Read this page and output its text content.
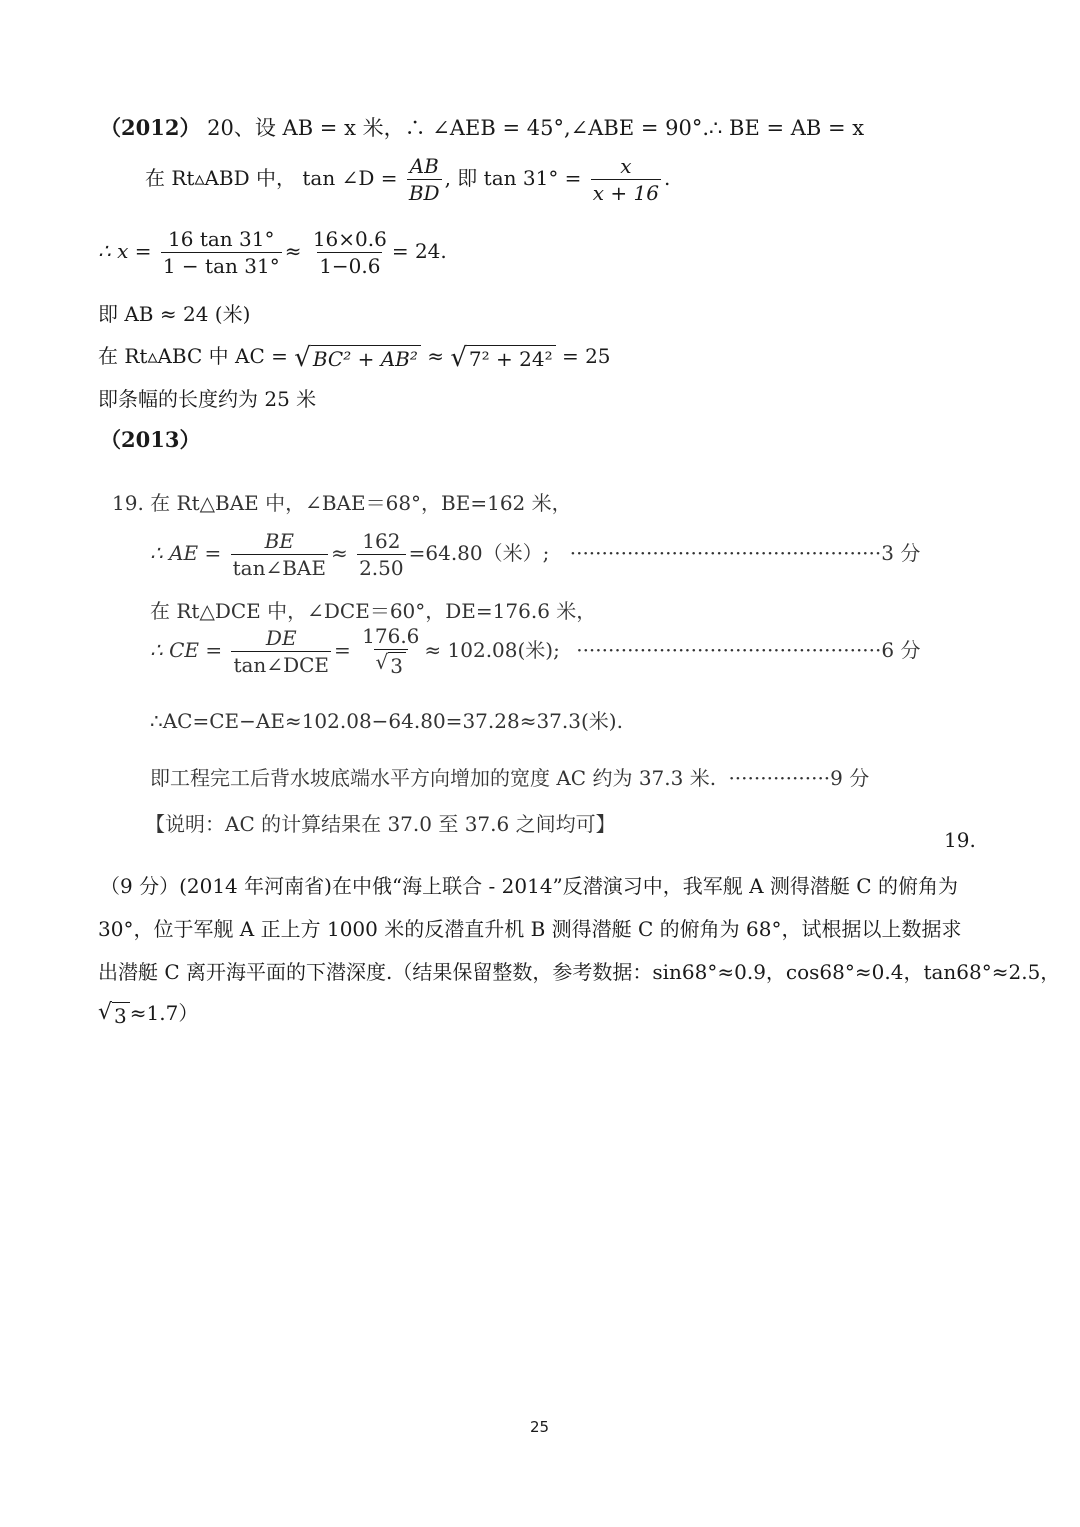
（2012） 20、设 AB = x 米，∴ ∠AEB = 45°,∠ABE = 90°.∴ BE = AB = x
在 Rt▵ABD 中， tan ∠D = $\frac{AB}{BD}$ , 即 $\tan 31^\circ = \frac{x}{x + 16}$ .
∴ $x = \frac{16 \tan 31^\circ}{1 - \tan 31^\circ} \approx \frac{16\times 0.6}{1-0.6} = 24$.
即 AB ≈ 24 (米)
在 Rt▵ABC 中 AC = √ BC² + AB² ≈ √ 7² + 24² = 25
即条幅的长度约为 25 米
（2013）
19. 在 Rt△BAE 中，∠BAE＝68°，BE=162 米，
∴ AE = $\frac{BE}{\text{tan∠BAE}} \approx \frac{162}{2.50} =64.80$（米）; ·················································3 分
在 Rt△DCE 中，∠DCE＝60°，DE=176.6 米，
∴ CE = $\frac{DE}{\text{tan∠DCE}} = \frac{176.6}{√ 3} \approx 102.08$(米); ················································6 分
∴AC=CE−AE≈102.08−64.80=37.28≈37.3(米).
即工程完工后背水坡底端水平方向增加的宽度 AC 约为 37.3 米. ················9 分
【说明：AC 的计算结果在 37.0 至 37.6 之间均可】
19.
（9 分）(2014 年河南省)在中俄“海上联合 - 2014”反潜演习中，我军舰 A 测得潜艇 C 的俯角为
30°，位于军舰 A 正上方 1000 米的反潜直升机 B 测得潜艇 C 的俯角为 68°，试根据以上数据求
出潜艇 C 离开海平面的下潜深度.（结果保留整数，参考数据：sin68°≈0.9，cos68°≈0.4，tan68°≈2.5，
√ 3 ≈1.7）
25
